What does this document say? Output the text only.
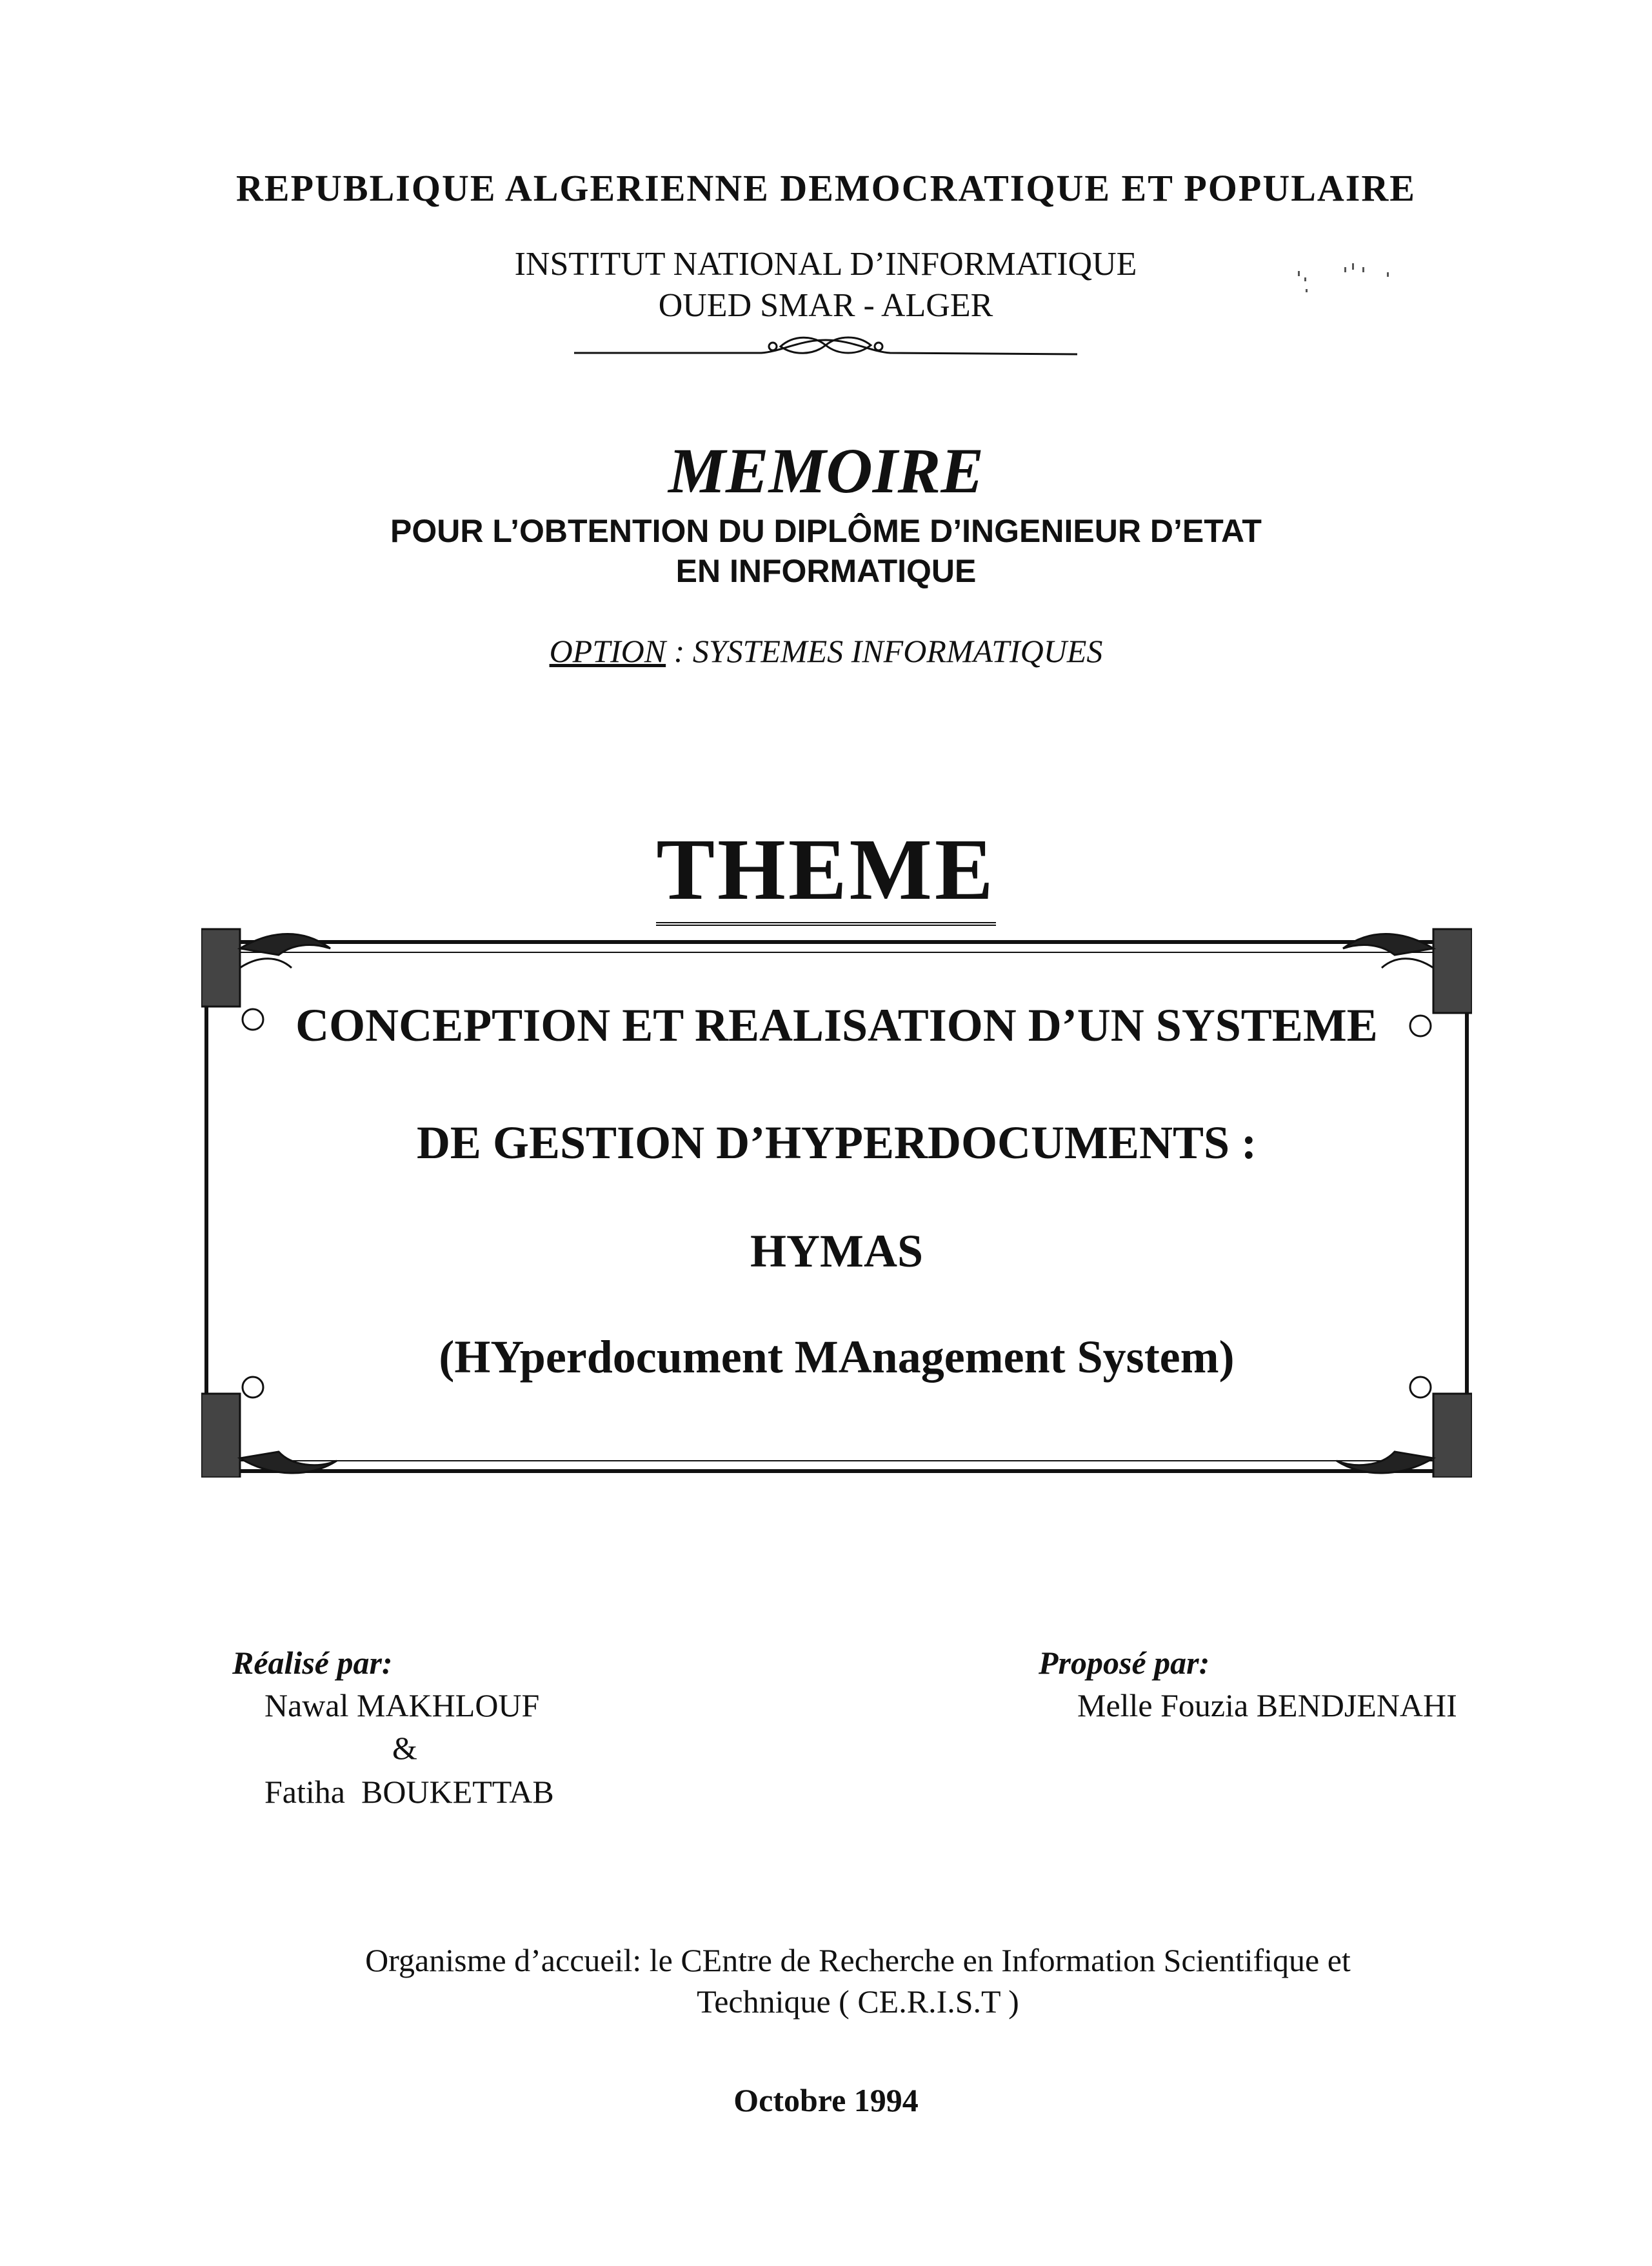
REPUBLIQUE ALGERIENNE DEMOCRATIQUE ET POPULAIRE
INSTITUT NATIONAL D’INFORMATIQUE
OUED SMAR - ALGER
MEMOIRE
POUR L’OBTENTION DU DIPLÔME D’INGENIEUR D’ETAT
EN INFORMATIQUE
OPTION : SYSTEMES INFORMATIQUES
THEME
CONCEPTION ET REALISATION D’UN SYSTEME
DE GESTION D’HYPERDOCUMENTS :
HYMAS
(HYperdocument MAnagement System)
Réalisé par:
Nawal MAKHLOUF
&
Fatiha  BOUKETTAB
Proposé par:
Melle Fouzia BENDJENAHI
Organisme d’accueil: le CEntre de Recherche en Information Scientifique et
Technique ( CE.R.I.S.T )
Octobre 1994
